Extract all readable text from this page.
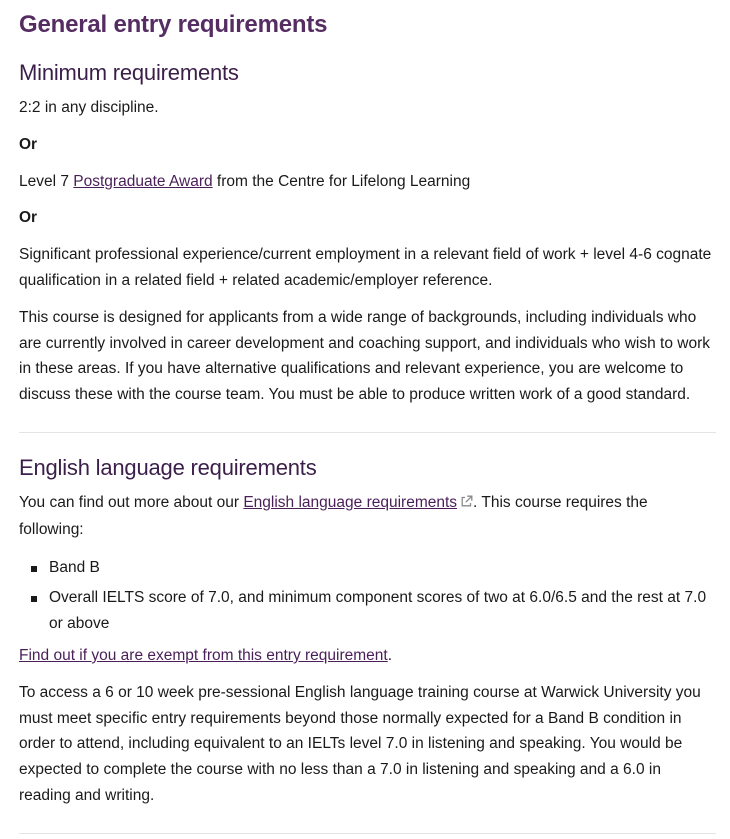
General entry requirements
Minimum requirements

2:2 in any discipline.

Or

Level 7 Postgraduate Award from the Centre for Lifelong Learning

Or

Significant professional experience/current employment in a relevant field of work + level 4-6 cognate qualification in a related field + related academic/employer reference.

This course is designed for applicants from a wide range of backgrounds, including individuals who are currently involved in career development and coaching support, and individuals who wish to work in these areas. If you have alternative qualifications and relevant experience, you are welcome to discuss these with the course team. You must be able to produce written work of a good standard.

English language requirements

You can find out more about our English language requirements . This course requires the following:

Band B
Overall IELTS score of 7.0, and minimum component scores of two at 6.0/6.5 and the rest at 7.0 or above

Find out if you are exempt from this entry requirement.

To access a 6 or 10 week pre-sessional English language training course at Warwick University you must meet specific entry requirements beyond those normally expected for a Band B condition in order to attend, including equivalent to an IELTs level 7.0 in listening and speaking. You would be expected to complete the course with no less than a 7.0 in listening and speaking and a 6.0 in reading and writing.
